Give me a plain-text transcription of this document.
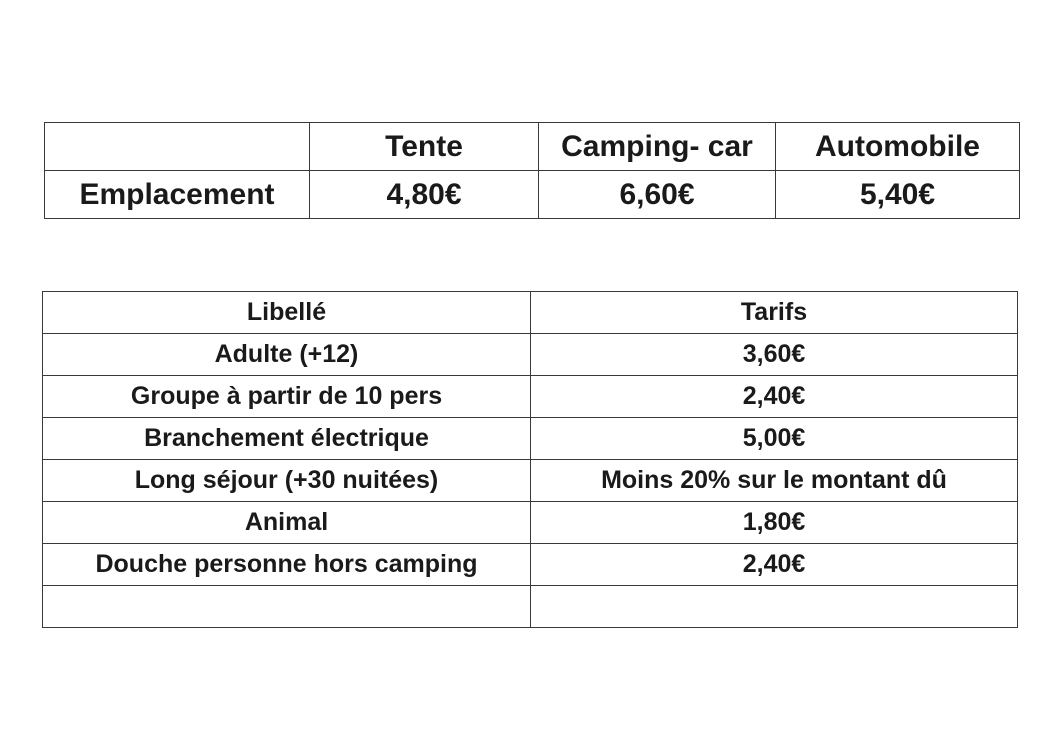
	Tente	Camping- car	Automobile
Emplacement	4,80€	6,60€	5,40€
Libellé	Tarifs
Adulte (+12)	3,60€
Groupe à partir de 10 pers	2,40€
Branchement électrique	5,00€
Long séjour (+30 nuitées)	Moins 20% sur le montant dû
Animal	1,80€
Douche personne hors camping	2,40€
